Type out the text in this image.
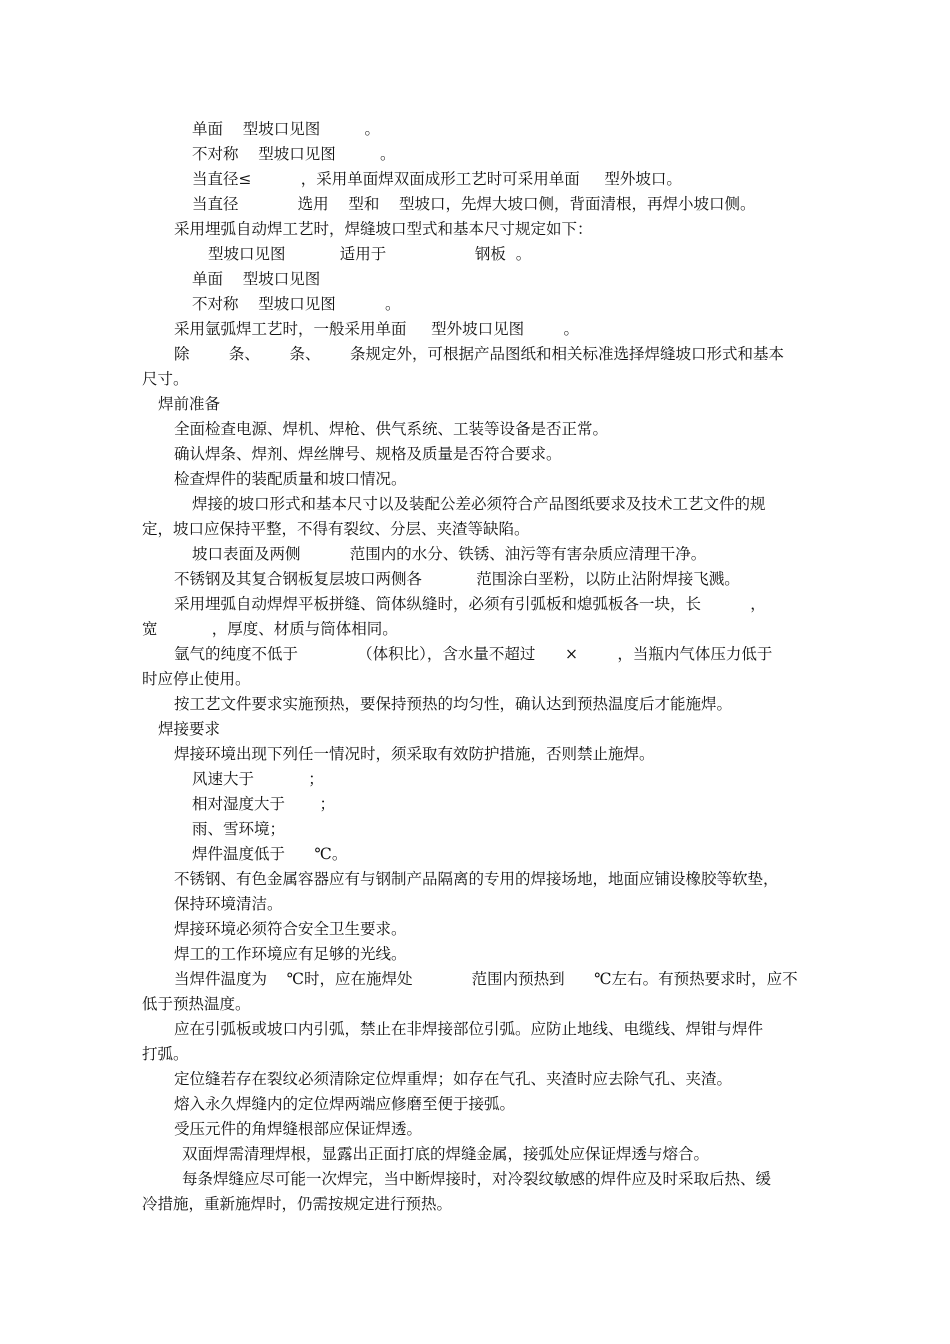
单面    型坡口见图         。
不对称    型坡口见图         。
当直径≤          ，采用单面焊双面成形工艺时可采用单面     型外坡口。
当直径            选用    型和    型坡口，先焊大坡口侧，背面清根，再焊小坡口侧。
采用埋弧自动焊工艺时，焊缝坡口型式和基本尺寸规定如下：
型坡口见图           适用于                  钢板  。
单面    型坡口见图
不对称    型坡口见图          。
采用氩弧焊工艺时，一般采用单面     型外坡口见图        。
除        条、      条、      条规定外，可根据产品图纸和相关标准选择焊缝坡口形式和基本
尺寸。
焊前准备
全面检查电源、焊机、焊枪、供气系统、工装等设备是否正常。
确认焊条、焊剂、焊丝牌号、规格及质量是否符合要求。
检查焊件的装配质量和坡口情况。
焊接的坡口形式和基本尺寸以及装配公差必须符合产品图纸要求及技术工艺文件的规
定，坡口应保持平整，不得有裂纹、分层、夹渣等缺陷。
坡口表面及两侧          范围内的水分、铁锈、油污等有害杂质应清理干净。
不锈钢及其复合钢板复层坡口两侧各           范围涂白垩粉，以防止沾附焊接飞溅。
采用埋弧自动焊焊平板拼缝、筒体纵缝时，必须有引弧板和熄弧板各一块，长          ，
宽           ，厚度、材质与筒体相同。
氩气的纯度不低于            （体积比），含水量不超过      ×        ，当瓶内气体压力低于
时应停止使用。
按工艺文件要求实施预热，要保持预热的均匀性，确认达到预热温度后才能施焊。
焊接要求
焊接环境出现下列任一情况时，须采取有效防护措施，否则禁止施焊。
风速大于           ；
相对湿度大于       ；
雨、雪环境；
焊件温度低于      ℃。
不锈钢、有色金属容器应有与钢制产品隔离的专用的焊接场地，地面应铺设橡胶等软垫，
保持环境清洁。
焊接环境必须符合安全卫生要求。
焊工的工作环境应有足够的光线。
当焊件温度为    ℃时，应在施焊处            范围内预热到      ℃左右。有预热要求时，应不
低于预热温度。
应在引弧板或坡口内引弧，禁止在非焊接部位引弧。应防止地线、电缆线、焊钳与焊件
打弧。
定位缝若存在裂纹必须清除定位焊重焊；如存在气孔、夹渣时应去除气孔、夹渣。
熔入永久焊缝内的定位焊两端应修磨至便于接弧。
受压元件的角焊缝根部应保证焊透。
双面焊需清理焊根，显露出正面打底的焊缝金属，接弧处应保证焊透与熔合。
每条焊缝应尽可能一次焊完，当中断焊接时，对冷裂纹敏感的焊件应及时采取后热、缓
冷措施，重新施焊时，仍需按规定进行预热。
